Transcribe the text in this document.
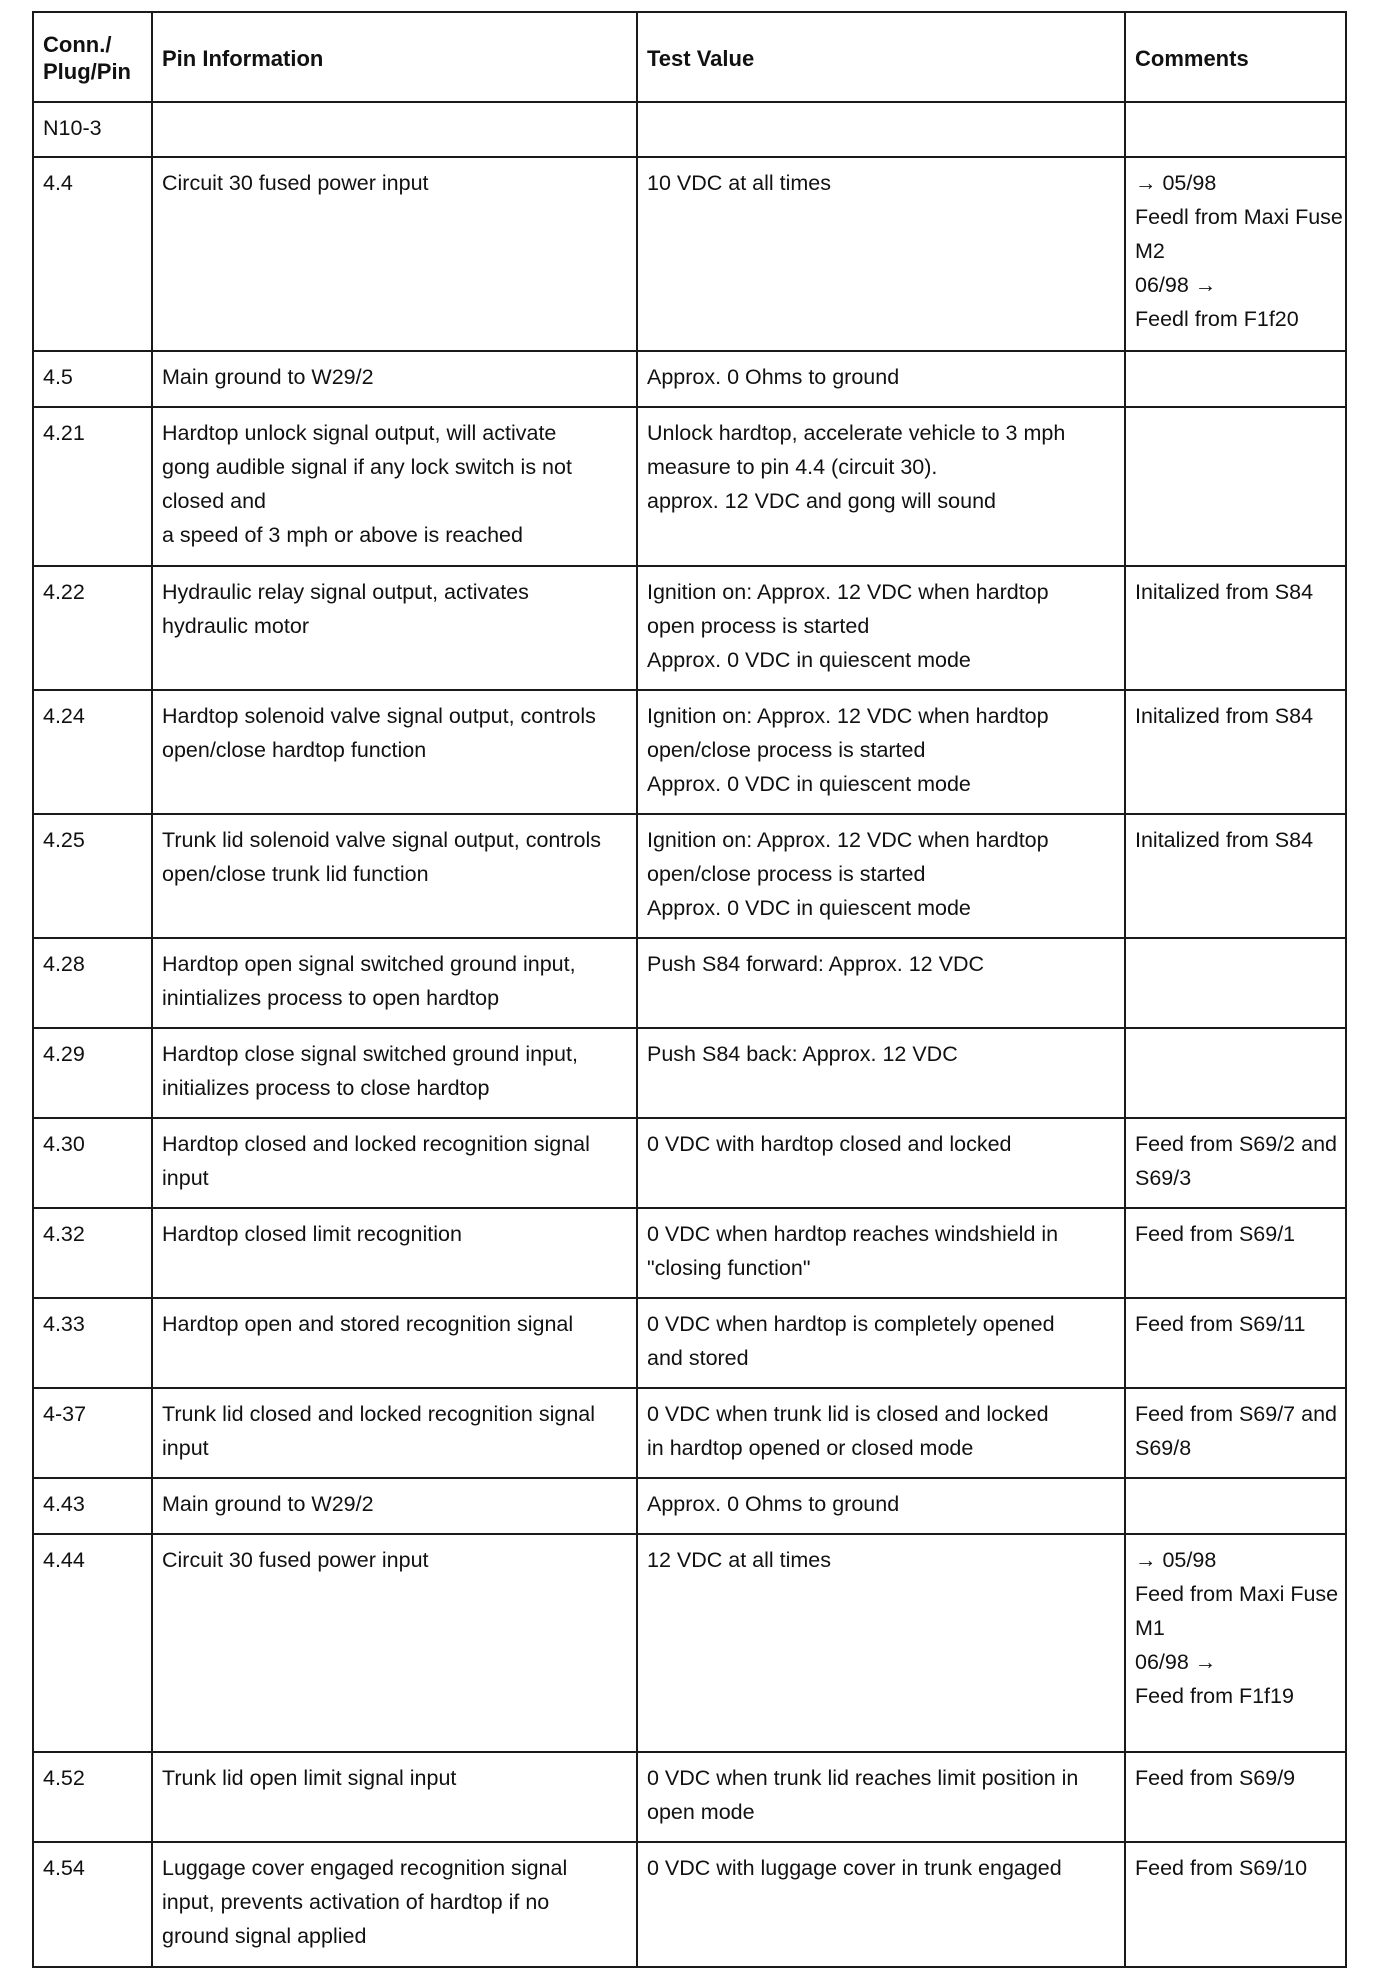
Conn./
Plug/Pin	Pin Information	Test Value	Comments
N10-3			
4.4	Circuit 30 fused power input	10 VDC at all times	→ 05/98
Feedl from Maxi Fuse
M2
06/98 →
Feedl from F1f20

4.5	Main ground to W29/2	Approx. 0 Ohms to ground	

4.21	Hardtop unlock signal output, will activate
gong audible signal if any lock switch is not
closed and
a speed of 3 mph or above is reached	Unlock hardtop, accelerate vehicle to 3 mph
measure to pin 4.4 (circuit 30).
approx. 12 VDC and gong will sound	

4.22	Hydraulic relay signal output, activates
hydraulic motor	Ignition on: Approx. 12 VDC when hardtop
open process is started
Approx. 0 VDC in quiescent mode	Initalized from S84

4.24	Hardtop solenoid valve signal output, controls
open/close hardtop function	Ignition on: Approx. 12 VDC when hardtop
open/close process is started
Approx. 0 VDC in quiescent mode	Initalized from S84

4.25	Trunk lid solenoid valve signal output, controls
open/close trunk lid function	Ignition on: Approx. 12 VDC when hardtop
open/close process is started
Approx. 0 VDC in quiescent mode	Initalized from S84

4.28	Hardtop open signal switched ground input,
inintializes process to open hardtop	Push S84 forward: Approx. 12 VDC	

4.29	Hardtop close signal switched ground input,
initializes process to close hardtop	Push S84 back: Approx. 12 VDC	

4.30	Hardtop closed and locked recognition signal
input	0 VDC with hardtop closed and locked	Feed from S69/2 and
S69/3

4.32	Hardtop closed limit recognition	0 VDC when hardtop reaches windshield in
"closing function"	Feed from S69/1

4.33	Hardtop open and stored recognition signal	0 VDC when hardtop is completely opened
and stored	Feed from S69/11

4-37	Trunk lid closed and locked recognition signal
input	0 VDC when trunk lid is closed and locked
in hardtop opened or closed mode	Feed from S69/7 and
S69/8

4.43	Main ground to W29/2	Approx. 0 Ohms to ground	

4.44	Circuit 30 fused power input	12 VDC at all times	→ 05/98
Feed from Maxi Fuse
M1
06/98 →
Feed from F1f19

4.52	Trunk lid open limit signal input	0 VDC when trunk lid reaches limit position in
open mode	Feed from S69/9

4.54	Luggage cover engaged recognition signal
input, prevents activation of hardtop if no
ground signal applied	0 VDC with luggage cover in trunk engaged	Feed from S69/10
